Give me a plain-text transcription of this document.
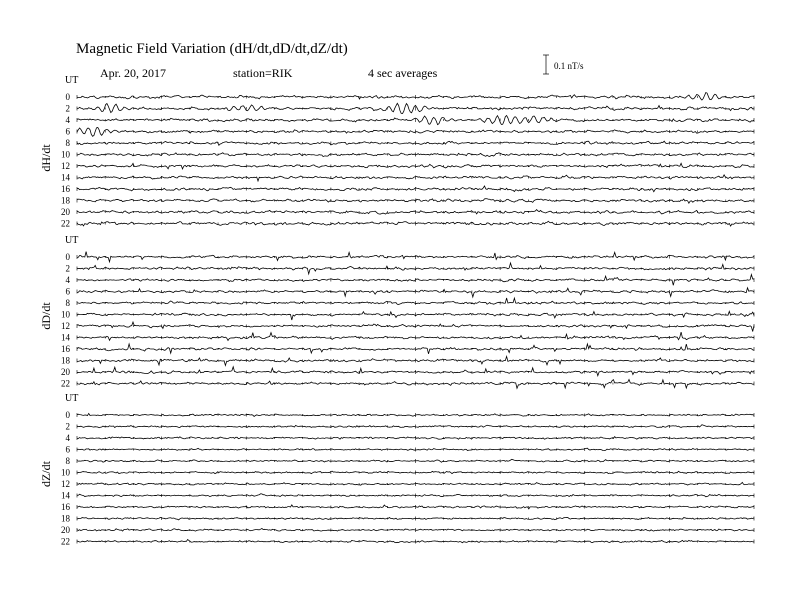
Magnetic Field Variation (dH/dt,dD/dt,dZ/dt)
Apr. 20, 2017	station=RIK	4 sec averages	0.1 nT/s
UT
dH/dt
0
2
4
6
8
10
12
14
16
18
20
22
UT
dD/dt
0
2
4
6
8
10
12
14
16
18
20
22
UT
dZ/dt
0
2
4
6
8
10
12
14
16
18
20
22
